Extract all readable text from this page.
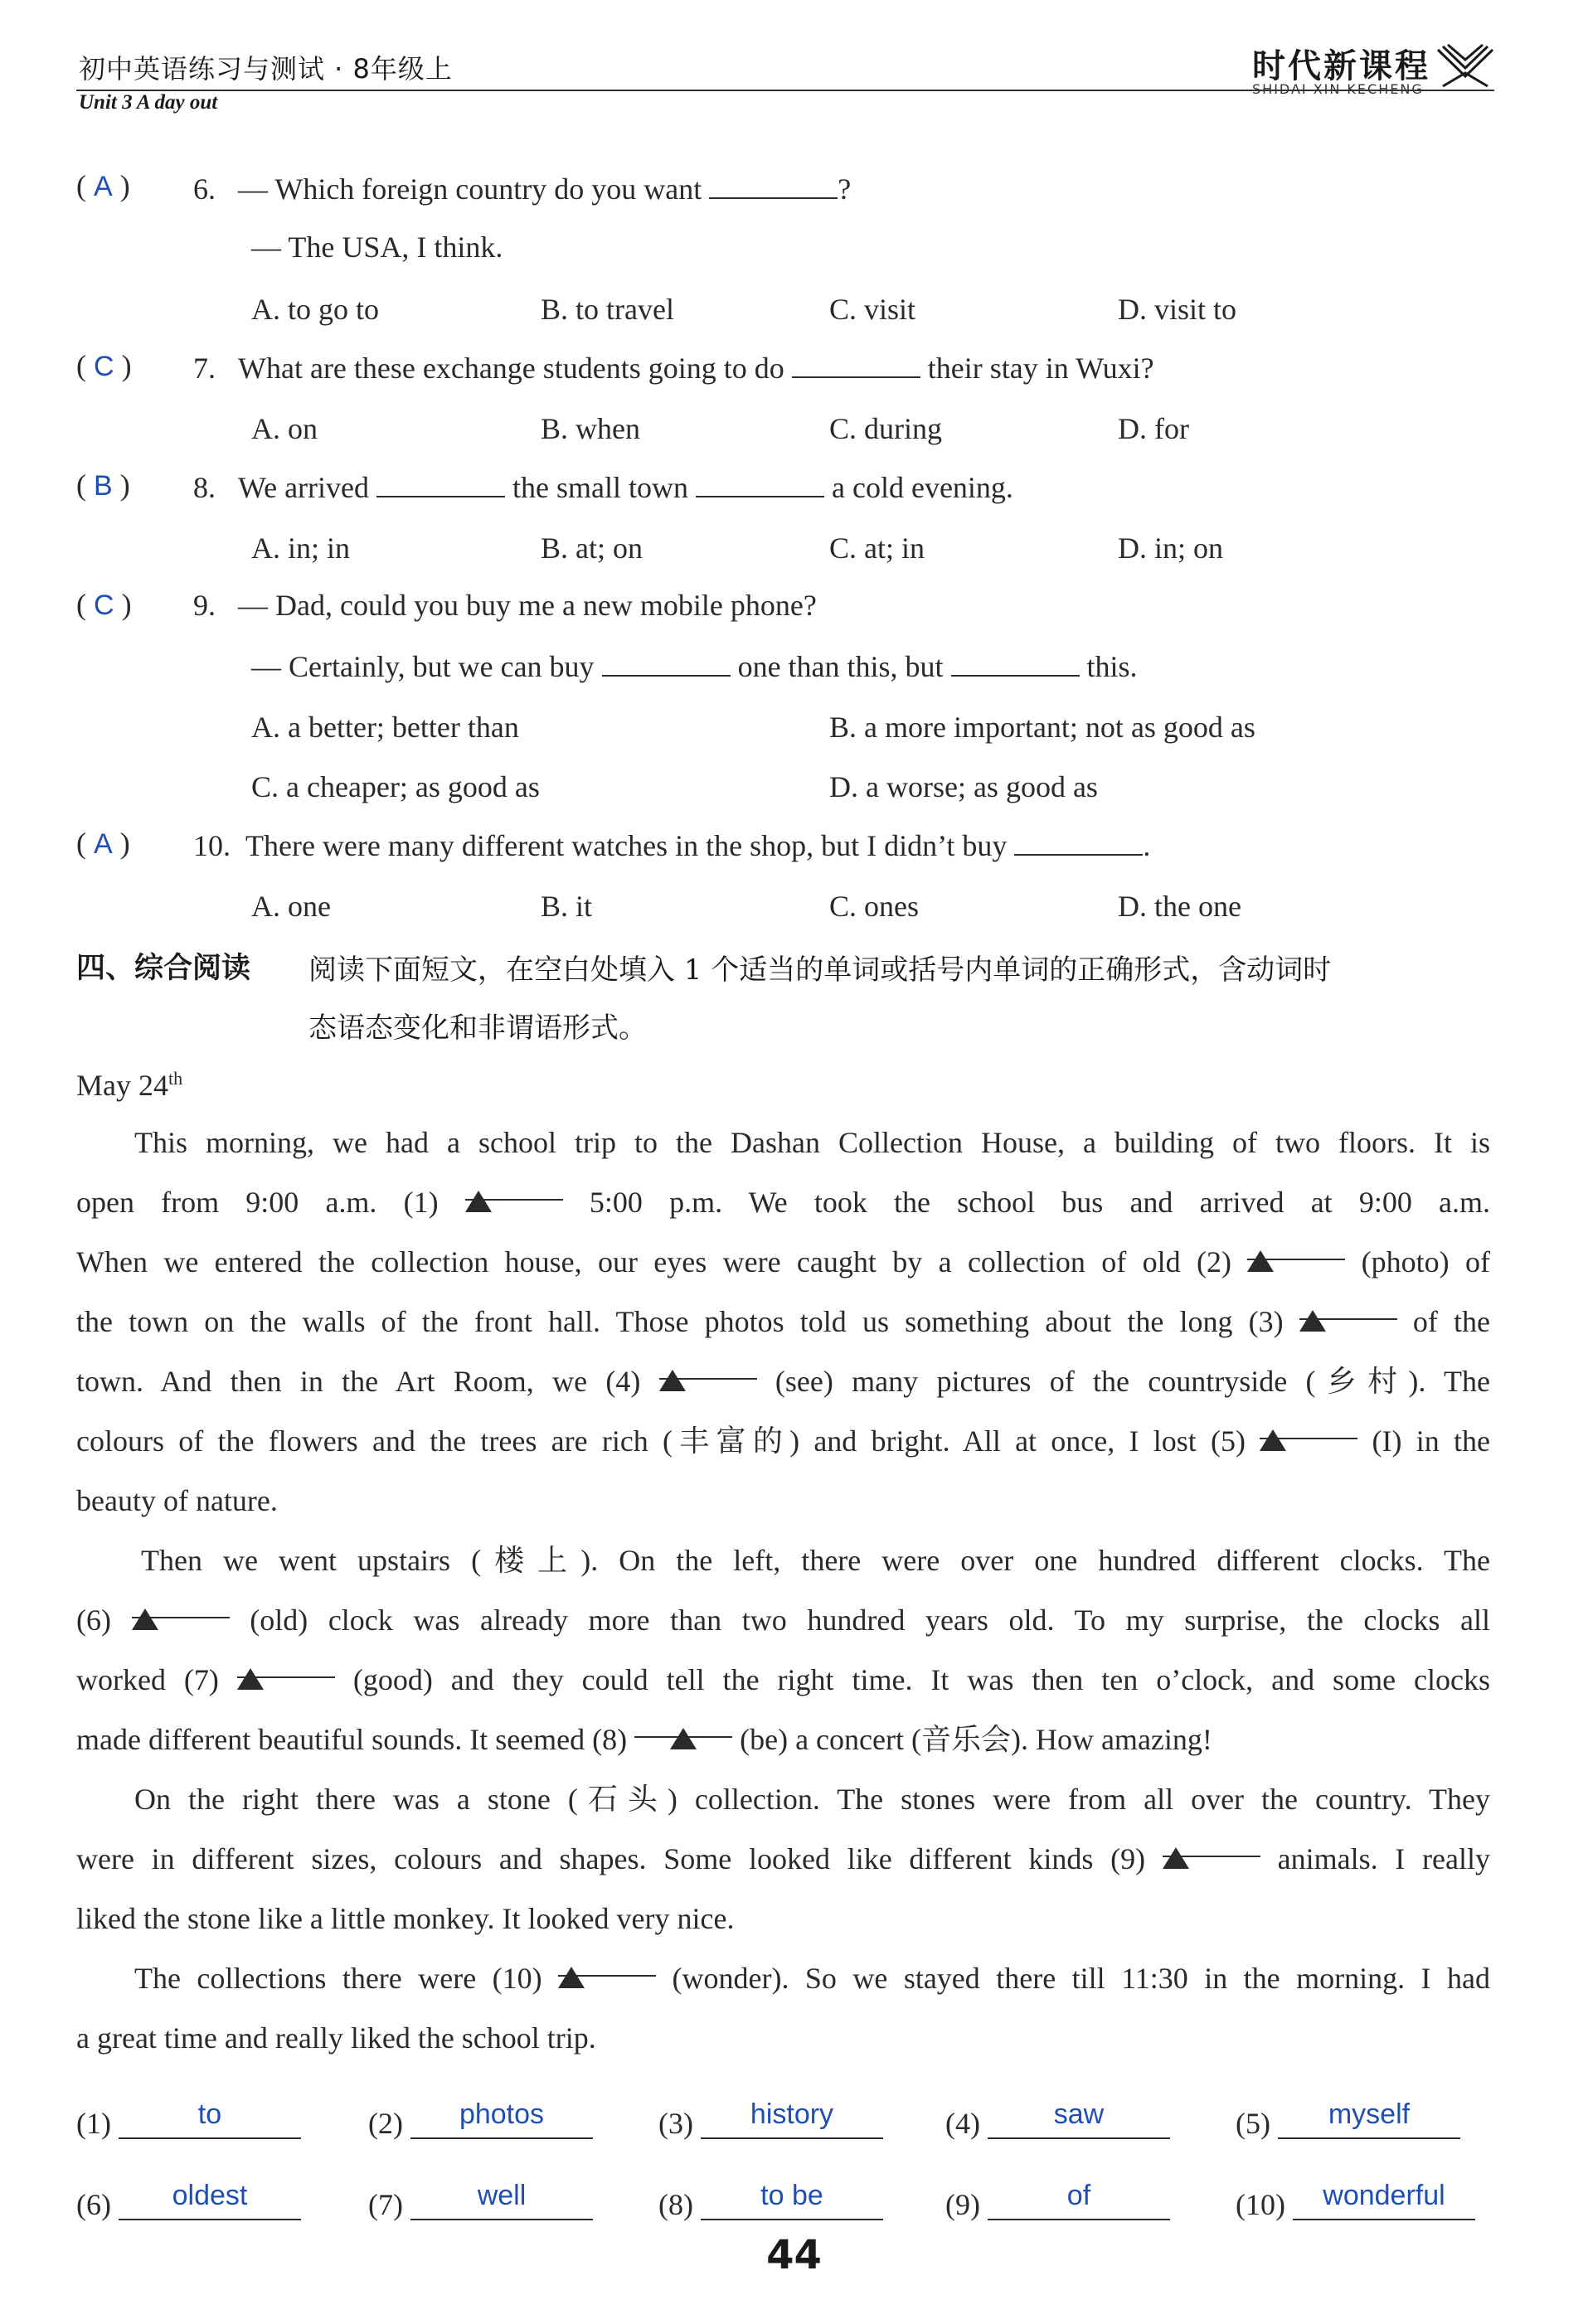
初中英语练习与测试 · 8年级上
Unit 3 A day out
时代新课程
SHIDAI XIN KECHENG
( A ) 6. — Which foreign country do you want	?
— The USA, I think.
A. to go to	B. to travel	C. visit	D. visit to
( C ) 7. What are these exchange students going to do	their stay in Wuxi?
A. on	B. when	C. during	D. for
( B ) 8. We arrived	the small town	a cold evening.
A. in; in	B. at; on	C. at; in	D. in; on
( C ) 9. — Dad, could you buy me a new mobile phone?
— Certainly, but we can buy	one than this, but	this.
A. a better; better than	B. a more important; not as good as
C. a cheaper; as good as	D. a worse; as good as
( A ) 10. There were many different watches in the shop, but I didn’t buy	.
A. one	B. it	C. ones	D. the one
四、综合阅读 阅读下面短文，在空白处填入 1 个适当的单词或括号内单词的正确形式，含动词时
态语态变化和非谓语形式。
May 24th
This morning, we had a school trip to the Dashan Collection House, a building of two floors. It is
open from 9:00 a.m. (1)	5:00 p.m. We took the school bus and arrived at 9:00 a.m.
When we entered the collection house, our eyes were caught by a collection of old (2)	(photo) of
the town on the walls of the front hall. Those photos told us something about the long (3)	of the
town. And then in the Art Room, we (4)	(see) many pictures of the countryside (乡村). The
colours of the flowers and the trees are rich (丰富的) and bright. All at once, I lost (5)	(I) in the
beauty of nature.
Then we went upstairs (楼上). On the left, there were over one hundred different clocks. The
(6)	(old) clock was already more than two hundred years old. To my surprise, the clocks all
worked (7)	(good) and they could tell the right time. It was then ten o’clock, and some clocks
made different beautiful sounds. It seemed (8)	(be) a concert (音乐会). How amazing!
On the right there was a stone (石头) collection. The stones were from all over the country. They
were in different sizes, colours and shapes. Some looked like different kinds (9)	animals. I really
liked the stone like a little monkey. It looked very nice.
The collections there were (10)	(wonder). So we stayed there till 11:30 in the morning. I had
a great time and really liked the school trip.
(1)	to	(2) photos	(3) history	(4)	saw	(5) myself
(6) oldest	(7)	well	(8) to be	(9)	of	(10) wonderful
44
